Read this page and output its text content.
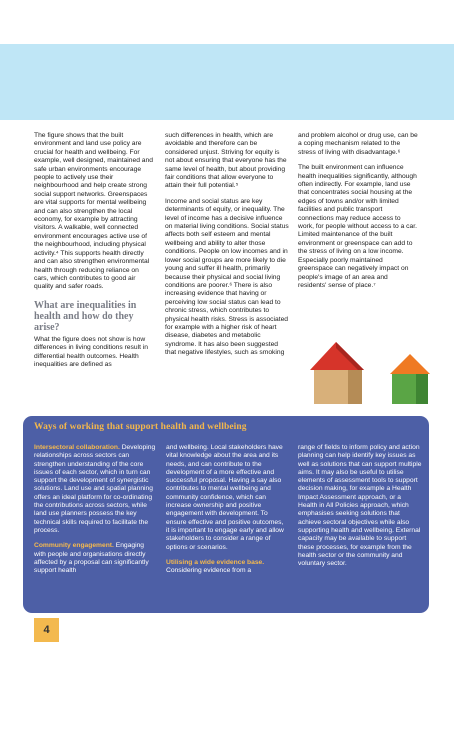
The figure shows that the built environment and land use policy are crucial for health and wellbeing. For example, well designed, maintained and safe urban environments encourage people to actively use their neighbourhood and help create strong social support networks. Greenspaces are vital supports for mental wellbeing and can also strengthen the local economy, for example by attracting visitors. A walkable, well connected environment encourages active use of the neighbourhood, including physical activity.⁴ This supports health directly and can also strengthen environmental health through reducing reliance on cars, which contributes to good air quality and safer roads.

What are inequalities in health and how do they arise?

What the figure does not show is how differences in living conditions result in differential health outcomes. Health inequalities are defined as

such differences in health, which are avoidable and therefore can be considered unjust. Striving for equity is not about ensuring that everyone has the same level of health, but about providing fair conditions that allow everyone to attain their full potential.⁵

Income and social status are key determinants of equity, or inequality. The level of income has a decisive influence on material living conditions. Social status affects both self esteem and mental wellbeing and ability to alter those conditions. People on low incomes and in lower social groups are more likely to die young and suffer ill health, primarily because their physical and social living conditions are poorer.⁶ There is also increasing evidence that having or perceiving low social status can lead to chronic stress, which contributes to physical health risks. Stress is associated for example with a higher risk of heart disease, diabetes and metabolic syndrome. It has also been suggested that negative lifestyles, such as smoking

and problem alcohol or drug use, can be a coping mechanism related to the stress of living with disadvantage.⁶

The built environment can influence health inequalities significantly, although often indirectly. For example, land use that concentrates social housing at the edges of towns and/or with limited facilities and public transport connections may reduce access to work, for people without access to a car. Limited maintenance of the built environment or greenspace can add to the stress of living on a low income. Especially poorly maintained greenspace can negatively impact on people's image of an area and residents' sense of place.⁷

Ways of working that support health and wellbeing

Intersectoral collaboration. Developing relationships across sectors can strengthen understanding of the core issues of each sector, which in turn can support the development of synergistic solutions. Land use and spatial planning offers an ideal platform for co-ordinating the contributions across sectors, while land use planners possess the key technical skills required to facilitate the process.

Community engagement. Engaging with people and organisations directly affected by a proposal can significantly support health

and wellbeing. Local stakeholders have vital knowledge about the area and its needs, and can contribute to the development of a more effective and successful proposal. Having a say also contributes to mental wellbeing and community confidence, which can increase ownership and positive engagement with development. To ensure effective and positive outcomes, it is important to engage early and allow stakeholders to consider a range of options or scenarios.

Utilising a wide evidence base. Considering evidence from a

range of fields to inform policy and action planning can help identify key issues as well as solutions that can support multiple aims. It may also be useful to utilise elements of assessment tools to support decision making, for example a Health Impact Assessment approach, or a Health in All Policies approach, which emphasises seeking solutions that achieve sectoral objectives while also supporting health and wellbeing. External capacity may be available to support these processes, for example from the health sector or the community and voluntary sector.

4
